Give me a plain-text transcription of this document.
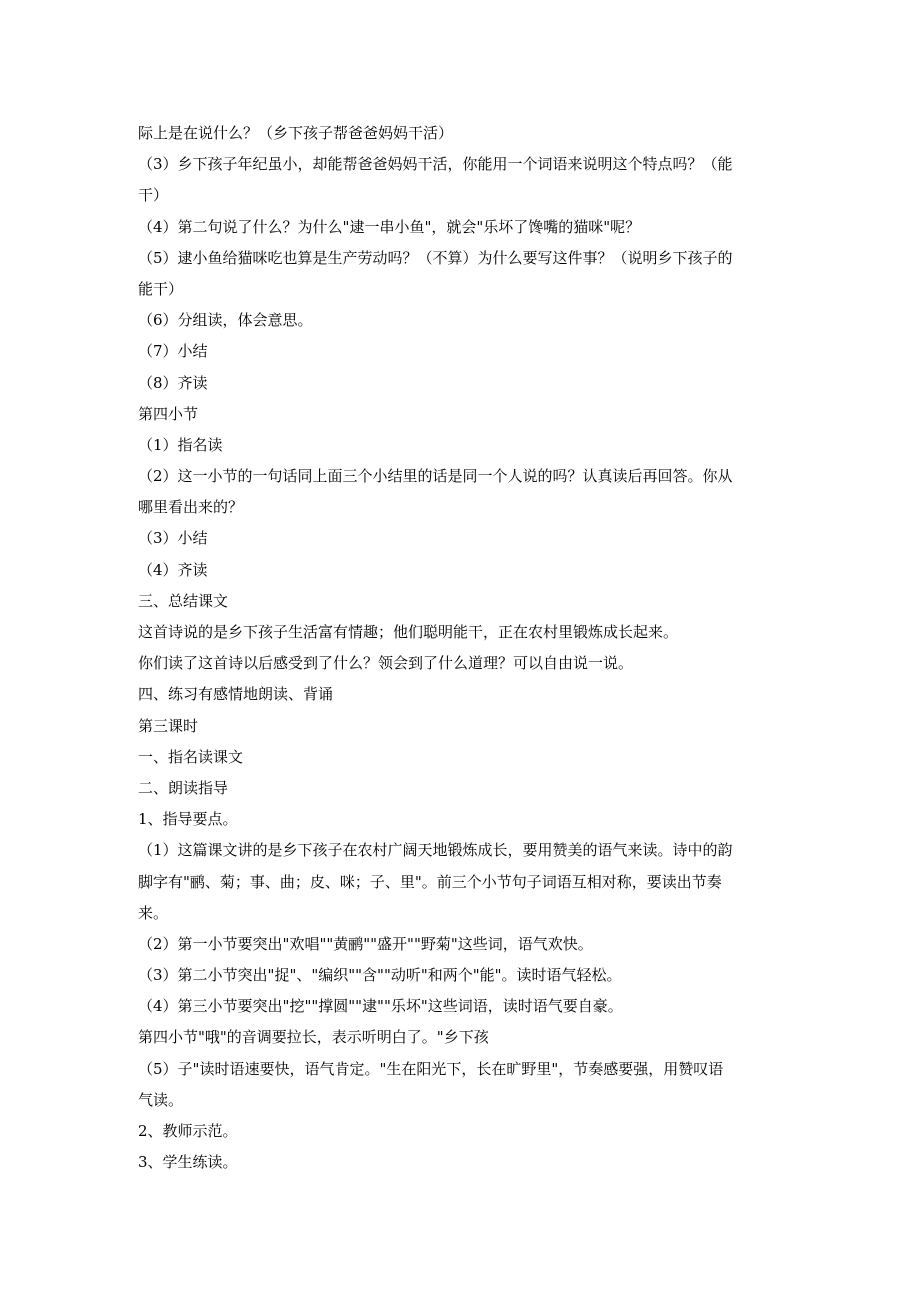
际上是在说什么？（乡下孩子帮爸爸妈妈干活）
（3）乡下孩子年纪虽小，却能帮爸爸妈妈干活，你能用一个词语来说明这个特点吗？（能
干）
（4）第二句说了什么？为什么"逮一串小鱼"，就会"乐坏了馋嘴的猫咪"呢？
（5）逮小鱼给猫咪吃也算是生产劳动吗？（不算）为什么要写这件事？（说明乡下孩子的
能干）
（6）分组读，体会意思。
（7）小结
（8）齐读
第四小节
（1）指名读
（2）这一小节的一句话同上面三个小结里的话是同一个人说的吗？认真读后再回答。你从
哪里看出来的？
（3）小结
（4）齐读
三、总结课文
这首诗说的是乡下孩子生活富有情趣；他们聪明能干，正在农村里锻炼成长起来。
你们读了这首诗以后感受到了什么？领会到了什么道理？可以自由说一说。
四、练习有感情地朗读、背诵
第三课时
一、指名读课文
二、朗读指导
1、指导要点。
（1）这篇课文讲的是乡下孩子在农村广阔天地锻炼成长，要用赞美的语气来读。诗中的韵
脚字有"鹂、菊；事、曲；皮、咪；子、里"。前三个小节句子词语互相对称，要读出节奏
来。
（2）第一小节要突出"欢唱""黄鹂""盛开""野菊"这些词，语气欢快。
（3）第二小节突出"捉"、"编织""含""动听"和两个"能"。读时语气轻松。
（4）第三小节要突出"挖""撑圆""逮""乐坏"这些词语，读时语气要自豪。
第四小节"哦"的音调要拉长，表示听明白了。"乡下孩
（5）子"读时语速要快，语气肯定。"生在阳光下，长在旷野里"，节奏感要强，用赞叹语
气读。
2、教师示范。
3、学生练读。
